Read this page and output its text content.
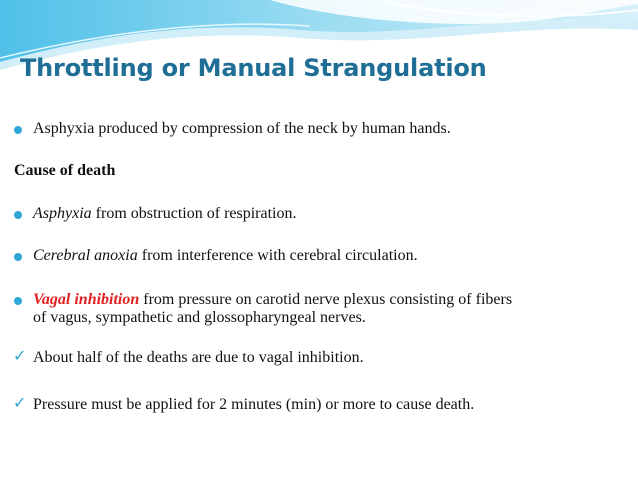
Throttling or Manual Strangulation
Asphyxia produced by compression of the neck by human hands.
Cause of death
Asphyxia from obstruction of respiration.
Cerebral anoxia from interference with cerebral circulation.
Vagal inhibition from pressure on carotid nerve plexus consisting of fibers
of vagus, sympathetic and glossopharyngeal nerves.
✓ About half of the deaths are due to vagal inhibition.
✓ Pressure must be applied for 2 minutes (min) or more to cause death.
